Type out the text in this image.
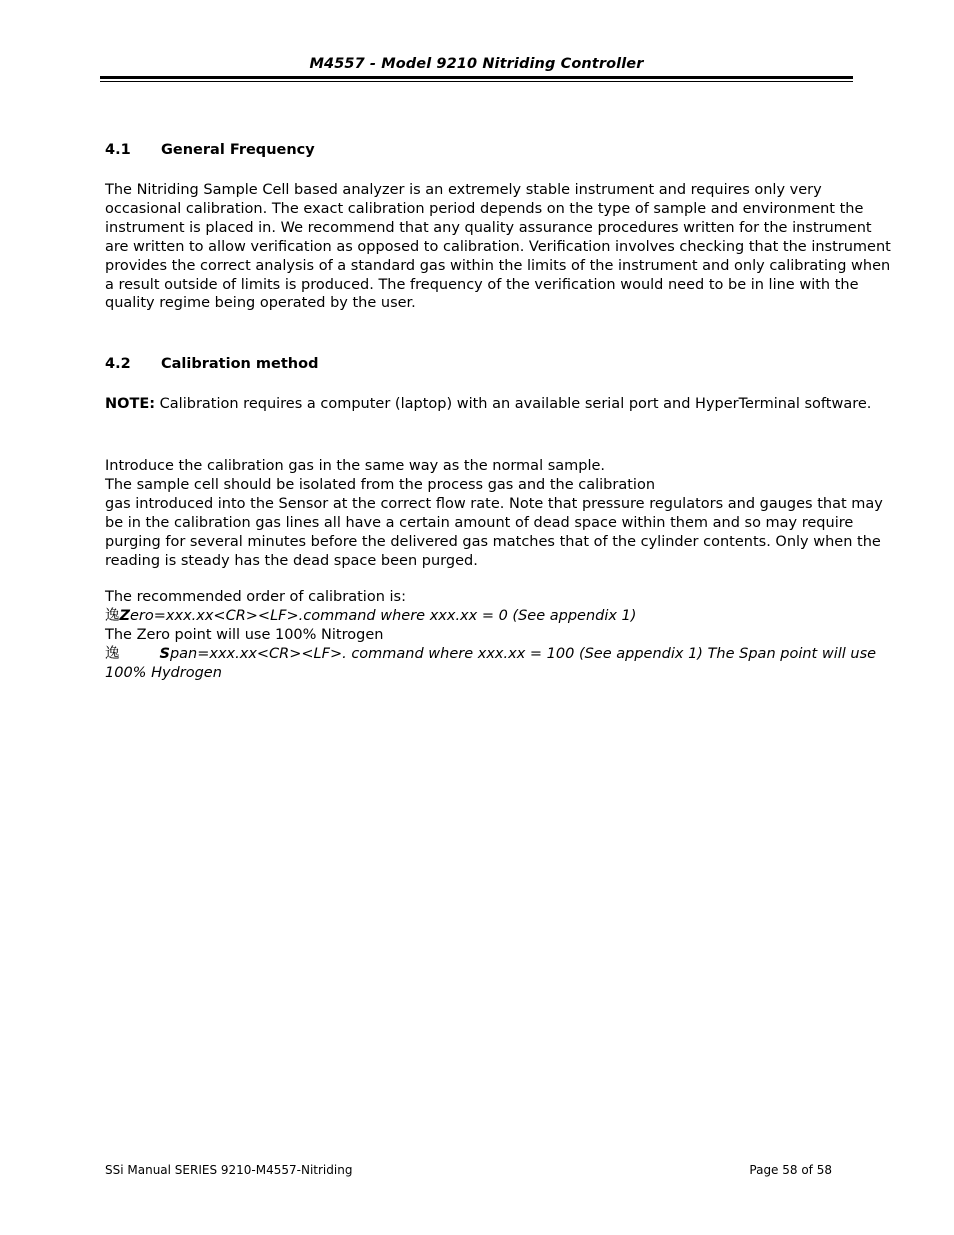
M4557 - Model 9210 Nitriding Controller
4.1 General Frequency
The Nitriding Sample Cell based analyzer is an extremely stable instrument and requires only very
occasional calibration. The exact calibration period depends on the type of sample and environment the
instrument is placed in. We recommend that any quality assurance procedures written for the instrument
are written to allow verification as opposed to calibration. Verification involves checking that the instrument
provides the correct analysis of a standard gas within the limits of the instrument and only calibrating when
a result outside of limits is produced. The frequency of the verification would need to be in line with the
quality regime being operated by the user.
4.2 Calibration method
NOTE: Calibration requires a computer (laptop) with an available serial port and HyperTerminal software.
Introduce the calibration gas in the same way as the normal sample.
The sample cell should be isolated from the process gas and the calibration
gas introduced into the Sensor at the correct flow rate. Note that pressure regulators and gauges that may
be in the calibration gas lines all have a certain amount of dead space within them and so may require
purging for several minutes before the delivered gas matches that of the cylinder contents. Only when the
reading is steady has the dead space been purged.
The recommended order of calibration is:
逸Zero=xxx.xx<CR><LF>.command where xxx.xx = 0 (See appendix 1)
The Zero point will use 100% Nitrogen
逸	Span=xxx.xx<CR><LF>. command where xxx.xx = 100 (See appendix 1) The Span point will use
100% Hydrogen
SSi Manual SERIES 9210-M4557-Nitriding	Page 58 of 58
